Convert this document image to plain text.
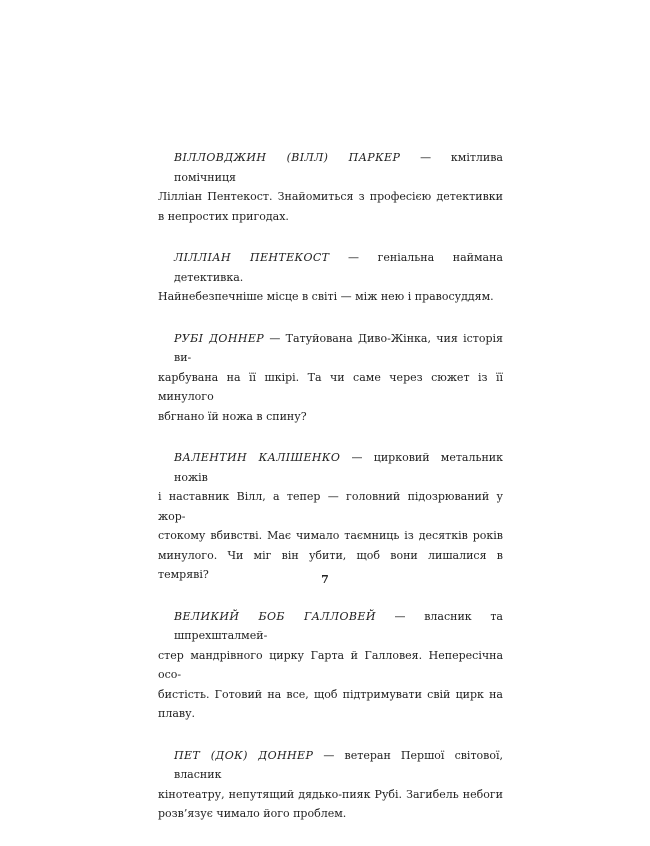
ВІЛЛОВДЖИН (ВІЛЛ) ПАРКЕР — кмітлива помічниця
Лілліан Пентекост. Знайомиться з професією детективки
в непростих пригодах.

ЛІЛЛІАН ПЕНТЕКОСТ — геніальна наймана детективка.
Найнебезпечніше місце в світі — між нею і правосуддям.

РУБІ ДОННЕР — Татуйована Диво-Жінка, чия історія ви-
карбувана на її шкірі. Та чи саме через сюжет із її минулого
вбгнано їй ножа в спину?

ВАЛЕНТИН КАЛІШЕНКО — цирковий метальник ножів
і наставник Вілл, а тепер — головний підозрюваний у жор-
стокому вбивстві. Має чимало таємниць із десятків років
минулого. Чи міг він убити, щоб вони лишалися в темряві?

ВЕЛИКИЙ БОБ ГАЛЛОВЕЙ — власник та шпрехшталмей-
стер мандрівного цирку Гарта й Галловея. Непересічна осо-
бистість. Готовий на все, щоб підтримувати свій цирк на плаву.

ПЕТ (ДОК) ДОННЕР — ветеран Першої світової, власник
кінотеатру, непутящий дядько-пияк Рубі. Загибель небоги
розв’язує чимало його проблем.

7
